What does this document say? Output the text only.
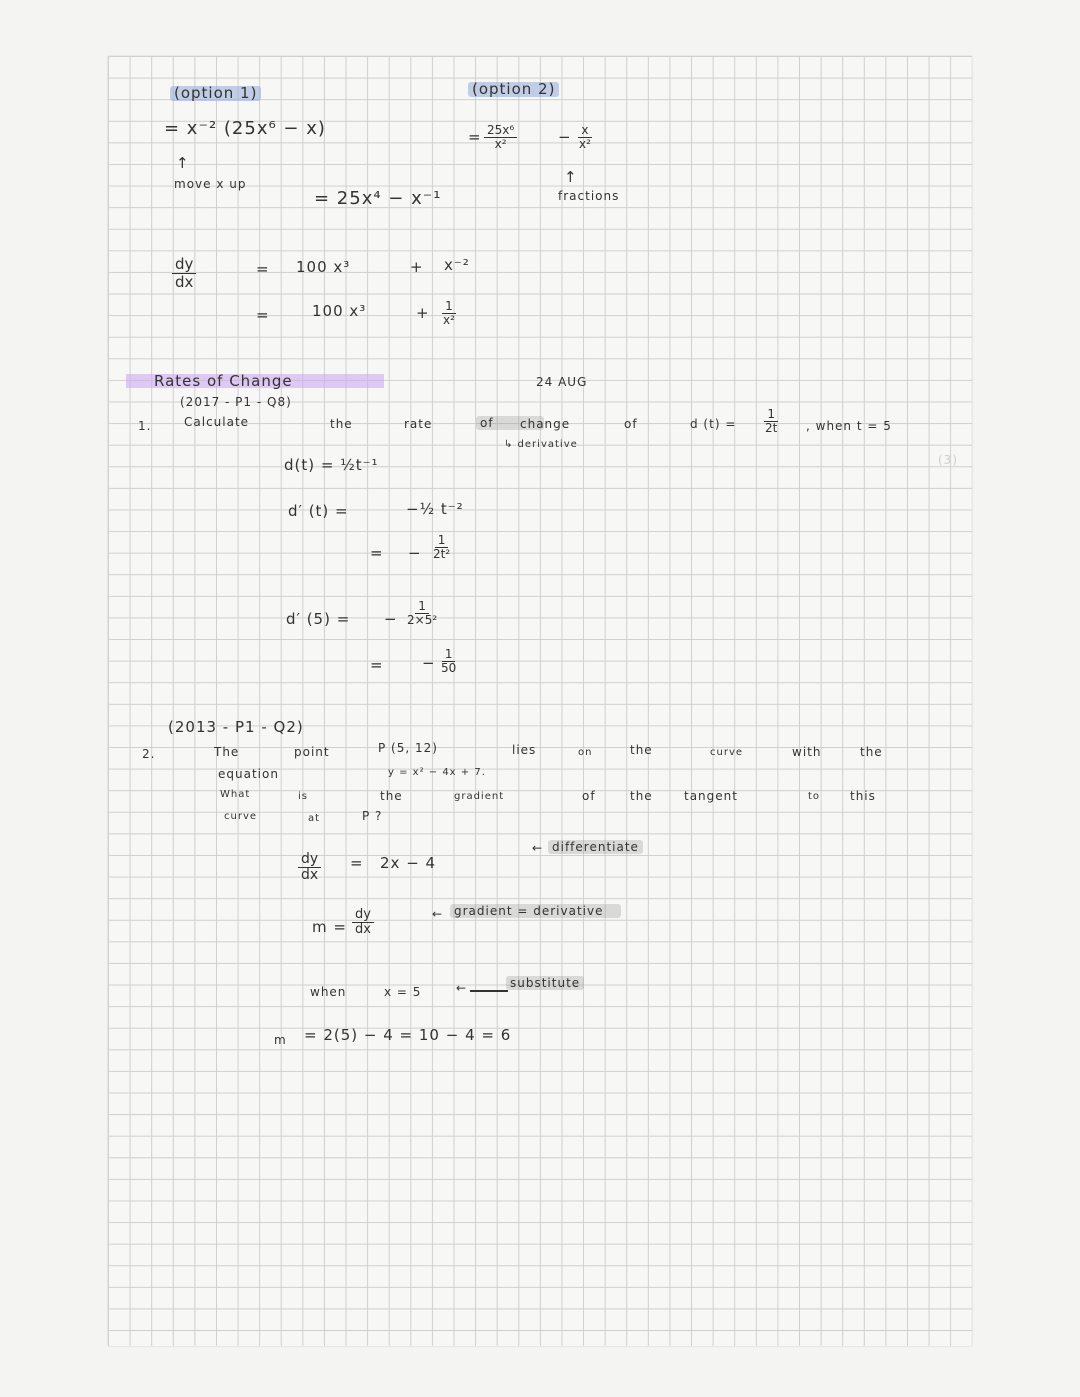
(option 1)
= x⁻² (25x⁶ − x)
↑
move x up
= 25x⁴ − x⁻¹
(option 2)
= $\frac{\text{25x⁶}}{\text{x²}}$	− $\frac{x}{\text{x²}}$
↑
fractions
$\frac{dy}{dx}$	= 100 x³	+ x⁻²
=	100 x³	+ $\frac{1}{\text{x²}}$
Rates of Change	24 AUG
(2017 - P1 - Q8)
1.	Calculate	the	rate	of	change	of
↳ derivative
d $(t) = \frac{1}{2t}$ , when t = 5
(3)
d(t) = ½t⁻¹
d′ (t) =	−½ t⁻²
= − $\frac{1}{\text{2t²}}$
d′ (5) = − $\frac{1}{\text{2×5²}}$
=	− $\frac{1}{50}$
(2013 - P1 - Q2)
2.	The	point	P (5, 12)	lies	on	the	curve	with	the
equation	y = x² − 4x + 7.
What	is	the	gradient	of	the	tangent	to this
curve	at	P ?
$\frac{dy}{dx} = 2x - 4$
← differentiate
$m = \frac{dy}{dx}$	← gradient = derivative
when	x = 5	←	substitute
m = 2(5) − 4 = 10 − 4 = 6
